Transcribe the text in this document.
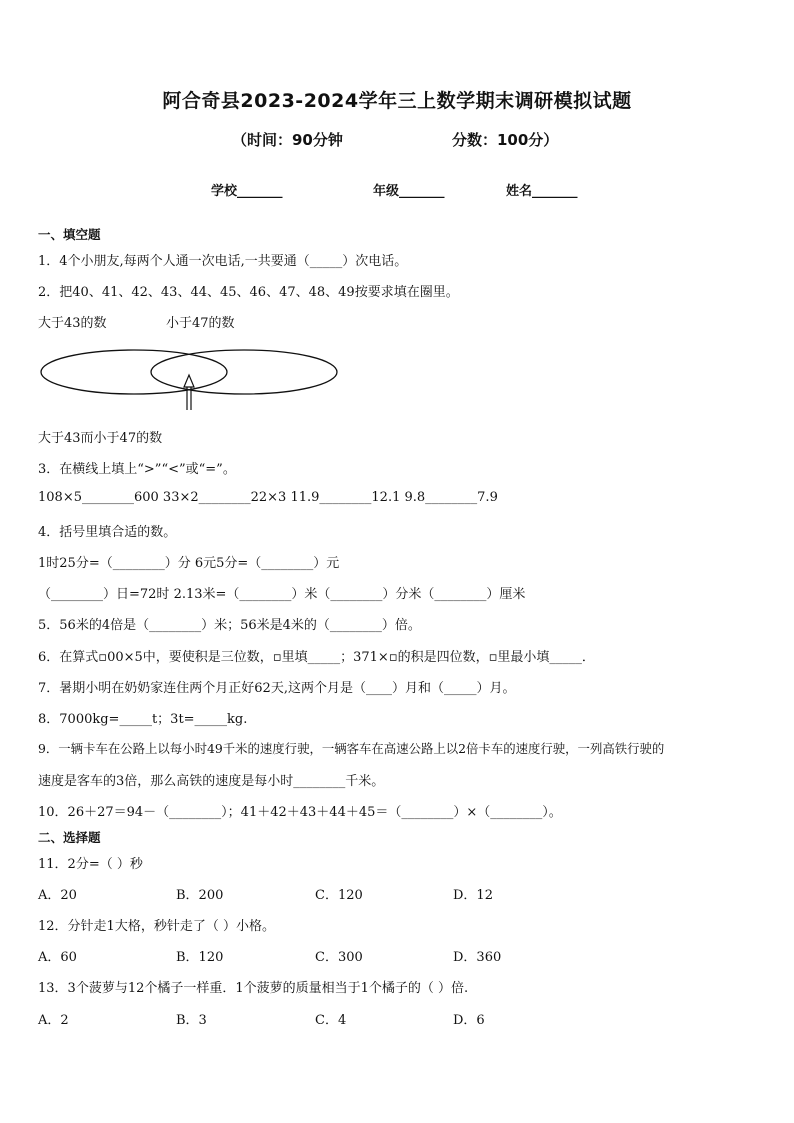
阿合奇县2023-2024学年三上数学期末调研模拟试题
（时间：90分钟	分数：100分）
学校_______	年级_______	姓名_______
一、填空题
1．4个小朋友,每两个人通一次电话,一共要通（_____）次电话。
2．把40、41、42、43、44、45、46、47、48、49按要求填在圈里。
大于43的数	小于47的数
大于43而小于47的数
3．在横线上填上“>”“<”或“=”。
108×5________600 33×2________22×3 11.9________12.1 9.8________7.9
4．括号里填合适的数。
1时25分=（________）分 6元5分=（________）元
（________）日=72时 2.13米=（________）米（________）分米（________）厘米
5．56米的4倍是（________）米；56米是4米的（________）倍。
6．在算式▫00×5中，要使积是三位数，▫里填_____；371×▫的积是四位数，▫里最小填_____．
7．暑期小明在奶奶家连住两个月正好62天,这两个月是（____）月和（_____）月。
8．7000kg=_____t；3t=_____kg.
9．一辆卡车在公路上以每小时49千米的速度行驶，一辆客车在高速公路上以2倍卡车的速度行驶，一列高铁行驶的
速度是客车的3倍，那么高铁的速度是每小时________千米。
10．26＋27＝94－（________）；41＋42＋43＋44＋45＝（________）×（________）。
二、选择题
11．2分=（ ）秒
A．20	B．200	C．120	D．12
12．分针走1大格，秒针走了（ ）小格。
A．60	B．120	C．300	D．360
13．3个菠萝与12个橘子一样重．1个菠萝的质量相当于1个橘子的（ ）倍.
A．2	B．3	C．4	D．6
